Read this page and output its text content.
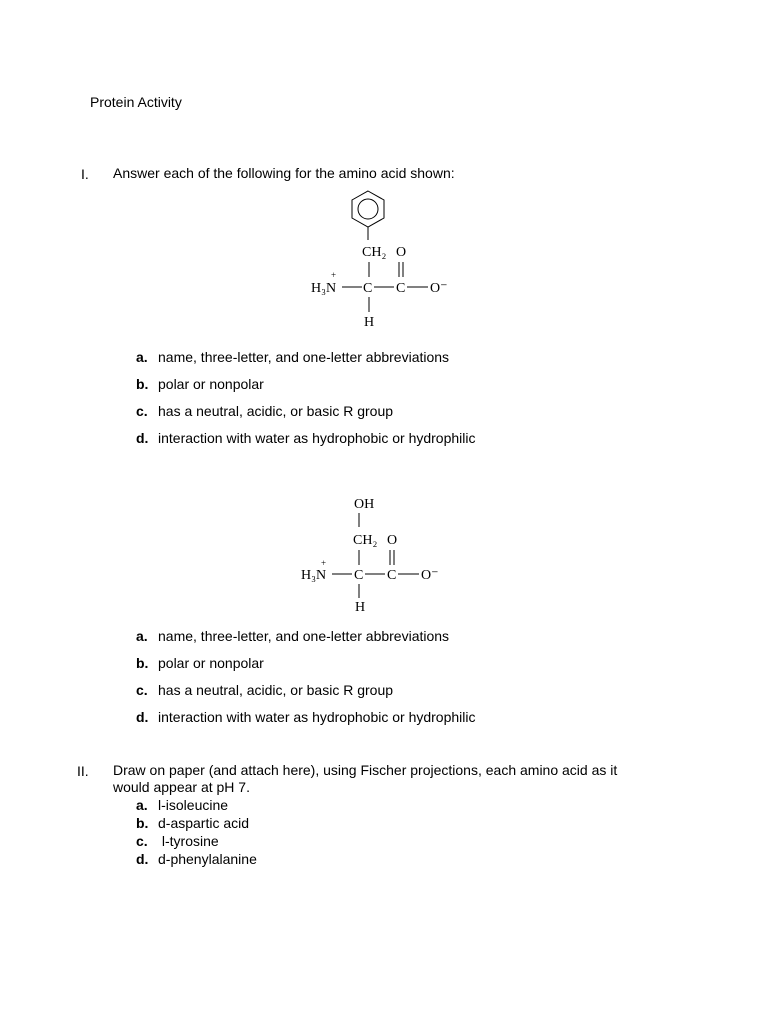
Protein Activity
I.	Answer each of the following for the amino acid shown:
CH₂ O
+
H₃N C C O⁻
H
a. name, three-letter, and one-letter abbreviations
b. polar or nonpolar
c. has a neutral, acidic, or basic R group
d. interaction with water as hydrophobic or hydrophilic
OH
CH₂ O
+
H₃N C C O⁻
H
a. name, three-letter, and one-letter abbreviations
b. polar or nonpolar
c. has a neutral, acidic, or basic R group
d. interaction with water as hydrophobic or hydrophilic
II.	Draw on paper (and attach here), using Fischer projections, each amino acid as it
would appear at pH 7.
a. l-isoleucine
b. d-aspartic acid
c. l-tyrosine
d. d-phenylalanine
